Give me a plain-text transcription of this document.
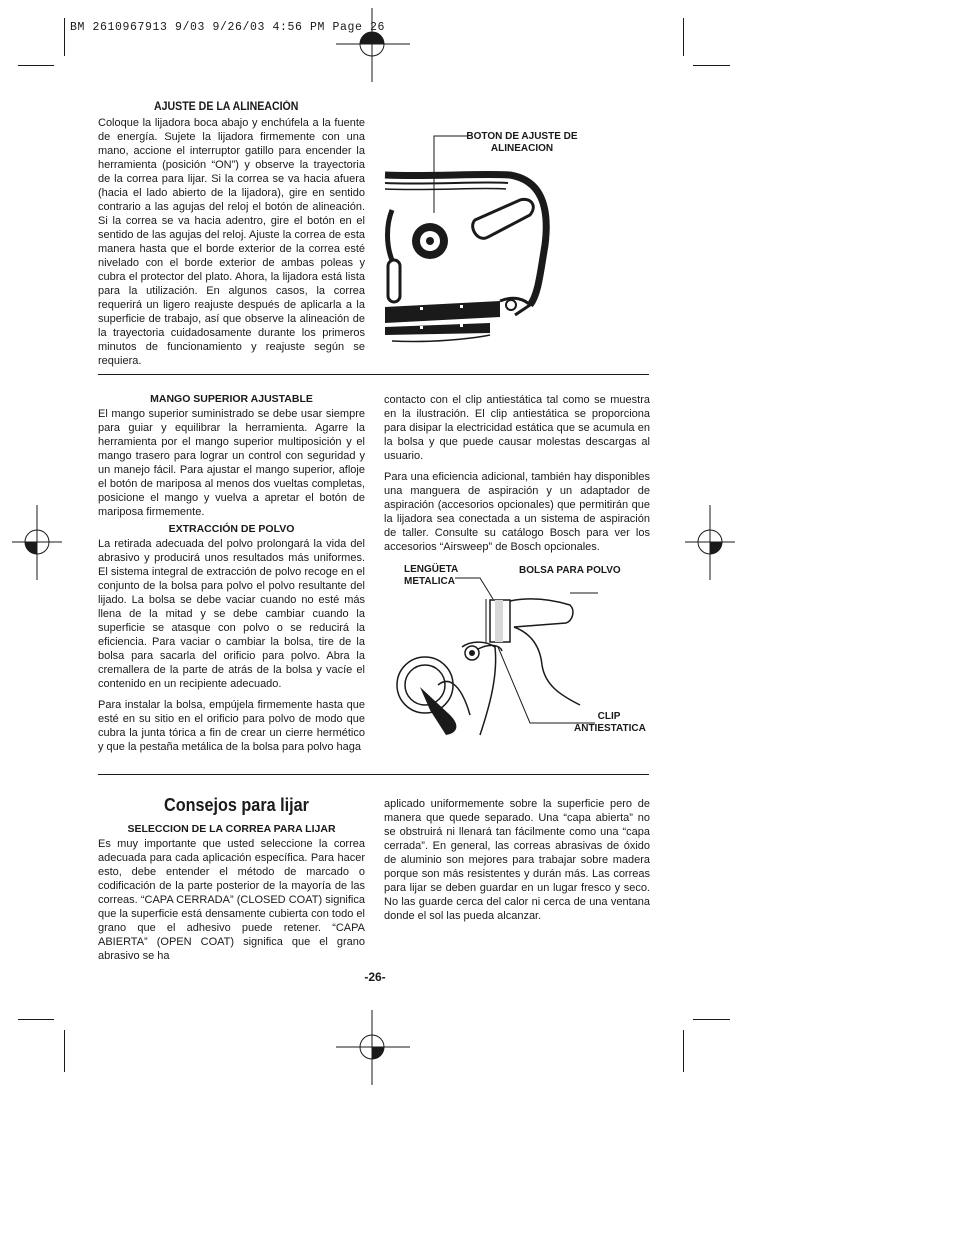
BM 2610967913 9/03 9/26/03 4:56 PM Page 26
AJUSTE DE LA ALINEACIÓN
Coloque la lijadora boca abajo y enchúfela a la fuente de energía. Sujete la lijadora firmemente con una mano, accione el interruptor gatillo para encender la herramienta (posición “ON”) y observe la trayectoria de la correa para lijar. Si la correa se va hacia afuera (hacia el lado abierto de la lijadora), gire en sentido contrario a las agujas del reloj el botón de alineación. Si la correa se va hacia adentro, gire el botón en el sentido de las agujas del reloj. Ajuste la correa de esta manera hasta que el borde exterior de la correa esté nivelado con el borde exterior de ambas poleas y cubra el protector del plato. Ahora, la lijadora está lista para la utilización. En algunos casos, la correa requerirá un ligero reajuste después de aplicarla a la superficie de trabajo, así que observe la alineación de la trayectoria cuidadosamente durante los primeros minutos de funcionamiento y reajuste según se requiera.
BOTON DE AJUSTE DE
ALINEACION
MANGO SUPERIOR AJUSTABLE
El mango superior suministrado se debe usar siempre para guiar y equilibrar la herramienta. Agarre la herramienta por el mango superior multiposición y el mango trasero para lograr un control con seguridad y un manejo fácil. Para ajustar el mango superior, afloje el botón de mariposa al menos dos vueltas completas, posicione el mango y vuelva a apretar el botón de mariposa firmemente.
EXTRACCIÓN DE POLVO

La retirada adecuada del polvo prolongará la vida del abrasivo y producirá unos resultados más uniformes. El sistema integral de extracción de polvo recoge en el conjunto de la bolsa para polvo el polvo resultante del lijado. La bolsa se debe vaciar cuando no esté más llena de la mitad y se debe cambiar cuando la superficie se atasque con polvo o se reducirá la eficiencia. Para vaciar o cambiar la bolsa, tire de la bolsa para sacarla del orificio para polvo. Abra la cremallera de la parte de atrás de la bolsa y vacíe el contenido en un recipiente adecuado.

Para instalar la bolsa, empújela firmemente hasta que esté en su sitio en el orificio para polvo de modo que cubra la junta tórica a fin de crear un cierre hermético y que la pestaña metálica de la bolsa para polvo haga

contacto con el clip antiestática tal como se muestra en la ilustración. El clip antiestática se proporciona para disipar la electricidad estática que se acumula en la bolsa y que puede causar molestas descargas al usuario.

Para una eficiencia adicional, también hay disponibles una manguera de aspiración y un adaptador de aspiración (accesorios opcionales) que permitirán que la lijadora sea conectada a un sistema de aspiración de taller. Consulte su catálogo Bosch para ver los accesorios “Airsweep” de Bosch opcionales.

LENGÜETA
METALICA
BOLSA PARA POLVO
CLIP
ANTIESTATICA
Consejos para lijar
SELECCION DE LA CORREA PARA LIJAR
Es muy importante que usted seleccione la correa adecuada para cada aplicación específica. Para hacer esto, debe entender el método de marcado o codificación de la parte posterior de la mayoría de las correas. “CAPA CERRADA” (CLOSED COAT) significa que la superficie está densamente cubierta con todo el grano que el adhesivo puede retener. “CAPA ABIERTA” (OPEN COAT) significa que el grano abrasivo se ha
aplicado uniformemente sobre la superficie pero de manera que quede separado. Una “capa abierta” no se obstruirá ni llenará tan fácilmente como una “capa cerrada”. En general, las correas abrasivas de óxido de aluminio son mejores para trabajar sobre madera porque son más resistentes y durán más. Las correas para lijar se deben guardar en un lugar fresco y seco. No las guarde cerca del calor ni cerca de una ventana donde el sol las pueda alcanzar.
-26-
